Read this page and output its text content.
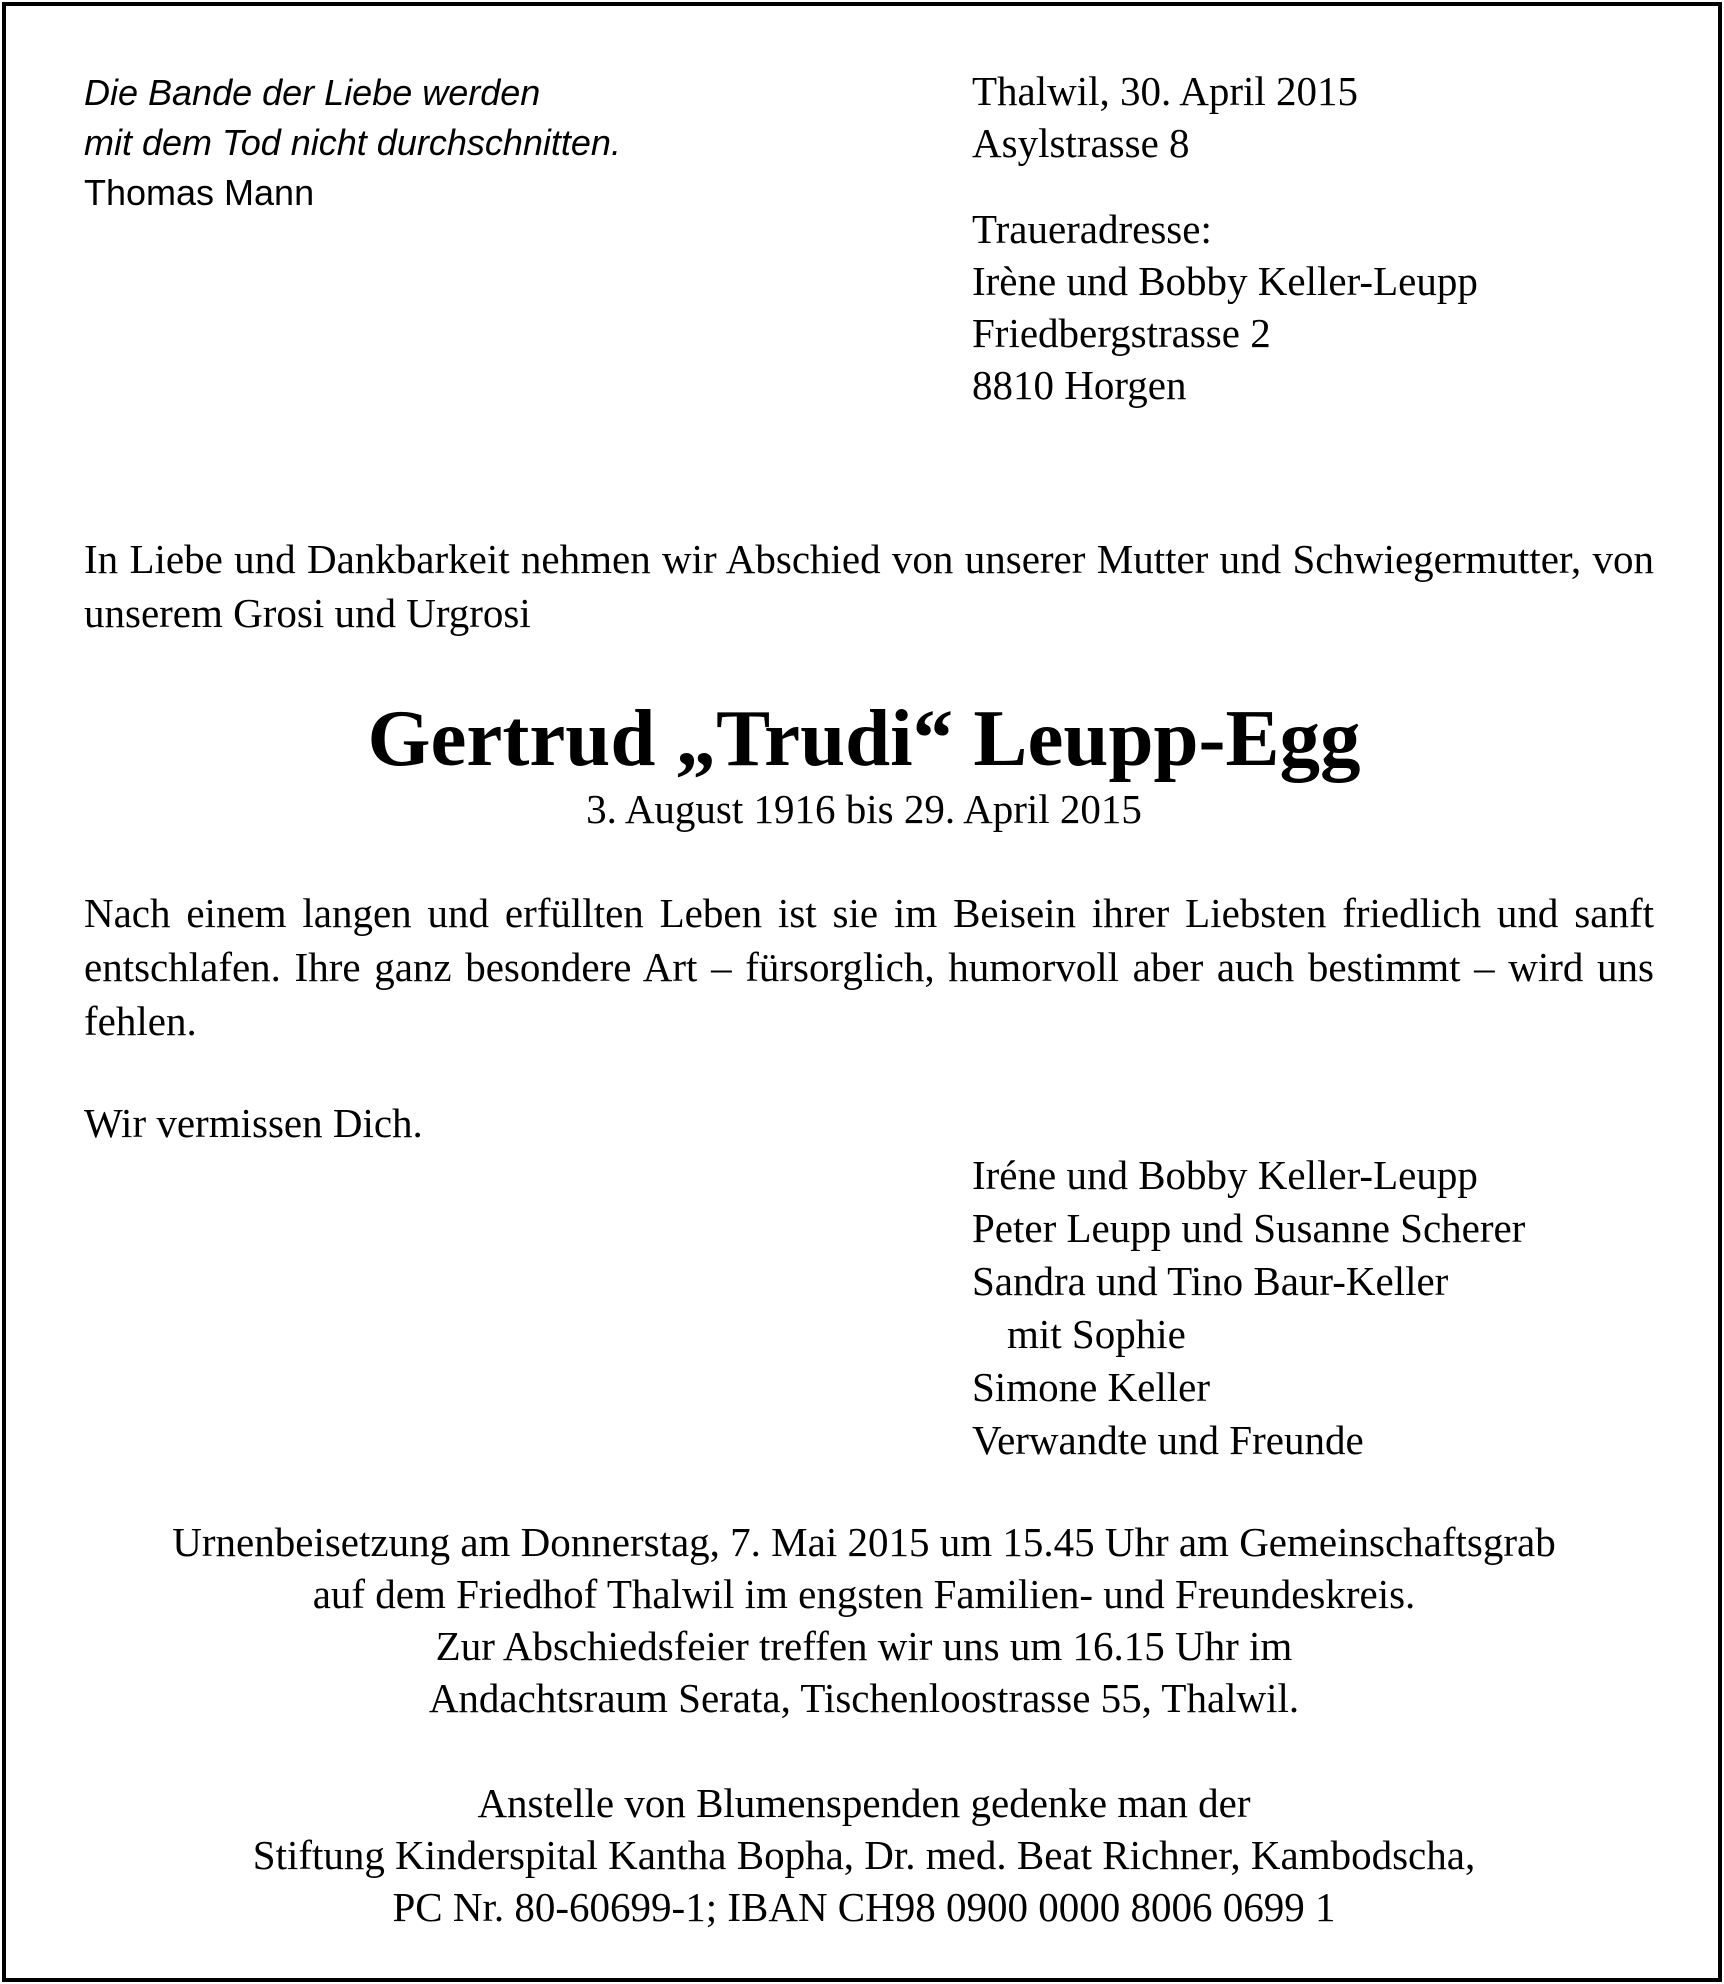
Die Bande der Liebe werden
mit dem Tod nicht durchschnitten.
Thomas Mann
Thalwil, 30. April 2015
Asylstrasse 8
Traueradresse:
Irène und Bobby Keller-Leupp
Friedbergstrasse 2
8810 Horgen
In Liebe und Dankbarkeit nehmen wir Abschied von unserer Mutter und Schwiegermutter, von unserem Grosi und Urgrosi
Gertrud „Trudi“ Leupp-Egg
3. August 1916 bis 29. April 2015
Nach einem langen und erfüllten Leben ist sie im Beisein ihrer Liebsten friedlich und sanft entschlafen. Ihre ganz besondere Art – fürsorglich, humorvoll aber auch bestimmt – wird uns fehlen.
Wir vermissen Dich.
Iréne und Bobby Keller-Leupp
Peter Leupp und Susanne Scherer
Sandra und Tino Baur-Keller
mit Sophie
Simone Keller
Verwandte und Freunde
Urnenbeisetzung am Donnerstag, 7. Mai 2015 um 15.45 Uhr am Gemeinschaftsgrab
auf dem Friedhof Thalwil im engsten Familien- und Freundeskreis.
Zur Abschiedsfeier treffen wir uns um 16.15 Uhr im
Andachtsraum Serata, Tischenloostrasse 55, Thalwil.
Anstelle von Blumenspenden gedenke man der
Stiftung Kinderspital Kantha Bopha, Dr. med. Beat Richner, Kambodscha,
PC Nr. 80-60699-1; IBAN CH98 0900 0000 8006 0699 1
